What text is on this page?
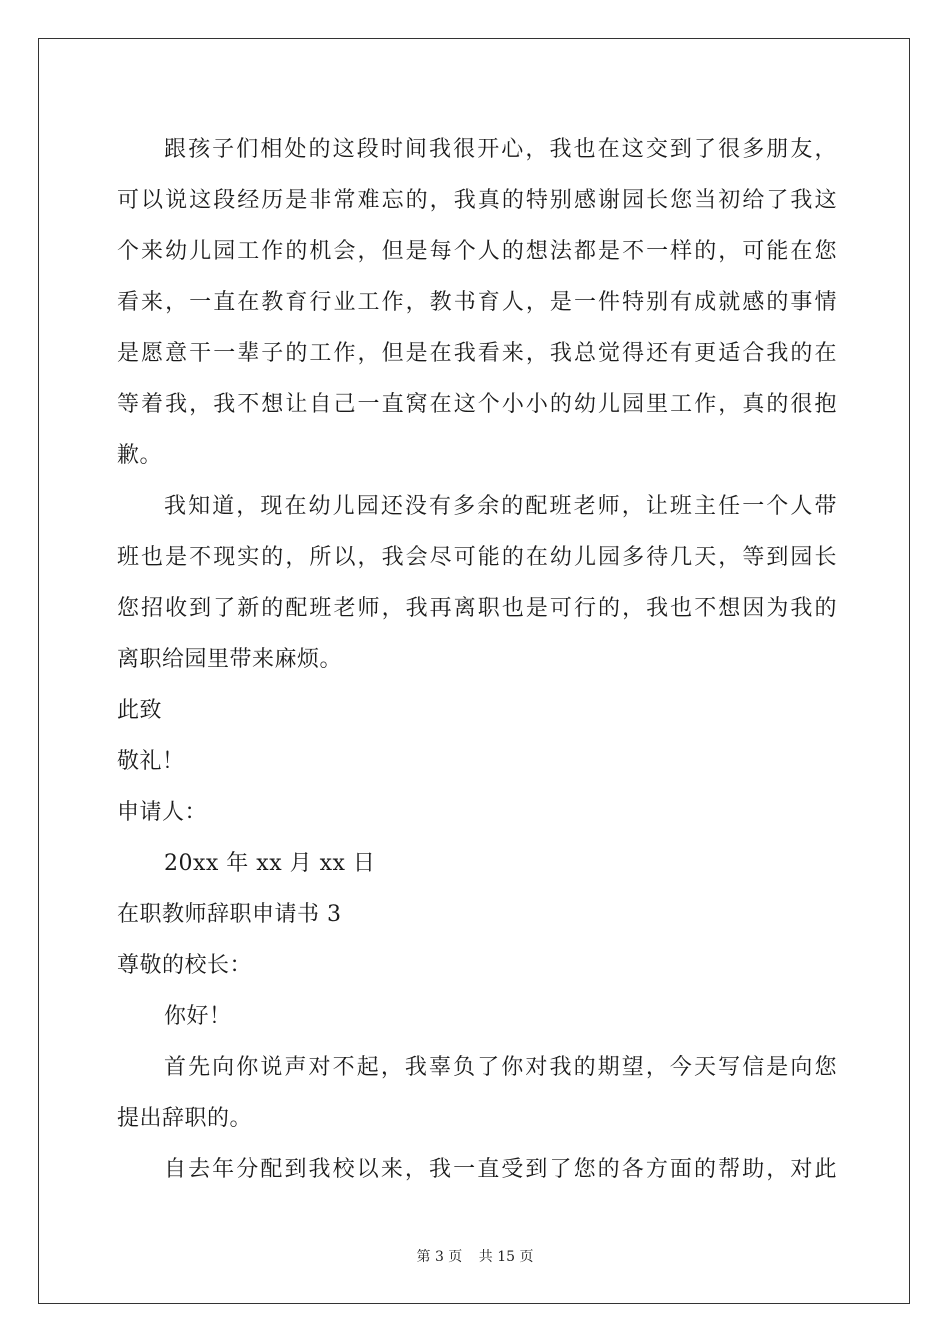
跟孩子们相处的这段时间我很开心，我也在这交到了很多朋友，
可以说这段经历是非常难忘的，我真的特别感谢园长您当初给了我这
个来幼儿园工作的机会，但是每个人的想法都是不一样的，可能在您
看来，一直在教育行业工作，教书育人，是一件特别有成就感的事情
是愿意干一辈子的工作，但是在我看来，我总觉得还有更适合我的在
等着我，我不想让自己一直窝在这个小小的幼儿园里工作，真的很抱
歉。
我知道，现在幼儿园还没有多余的配班老师，让班主任一个人带
班也是不现实的，所以，我会尽可能的在幼儿园多待几天，等到园长
您招收到了新的配班老师，我再离职也是可行的，我也不想因为我的
离职给园里带来麻烦。
此致
敬礼！
申请人：
20xx 年 xx 月 xx 日
在职教师辞职申请书 3
尊敬的校长：
你好！
首先向你说声对不起，我辜负了你对我的期望，今天写信是向您
提出辞职的。
自去年分配到我校以来，我一直受到了您的各方面的帮助，对此
第 3 页 共 15 页
